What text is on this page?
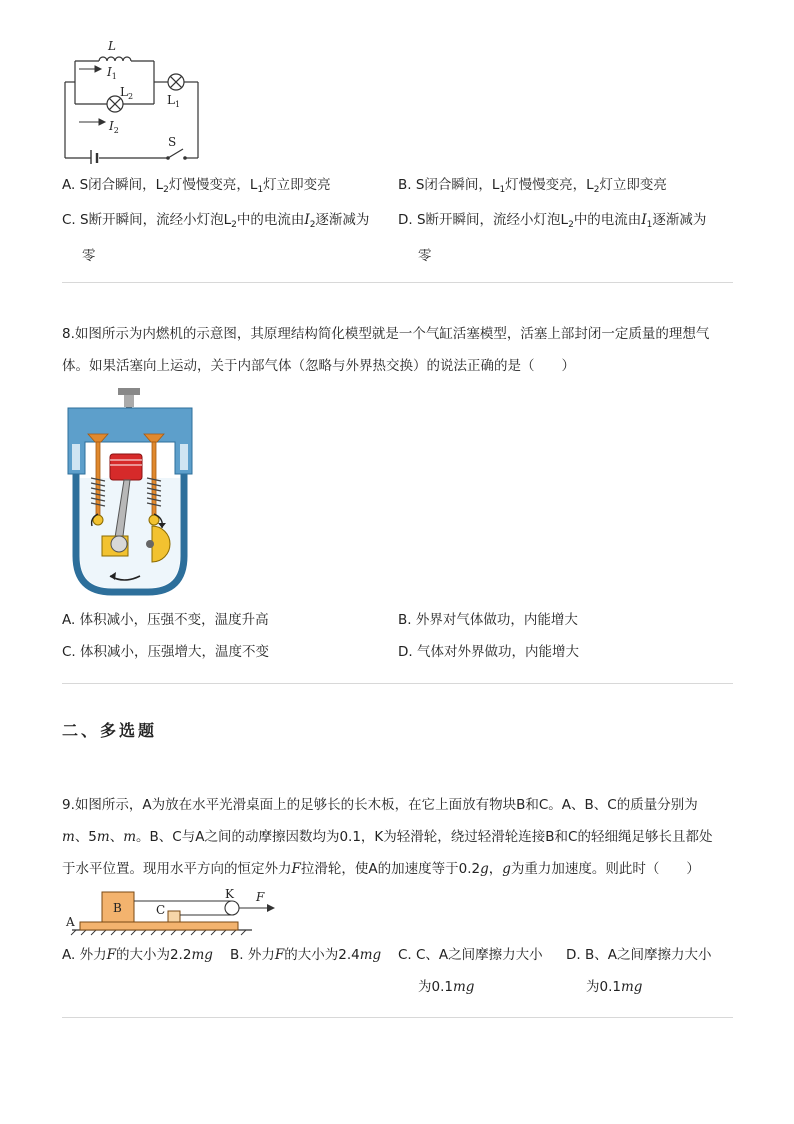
L
$I_1$
$L_2$	$L_1$
$I_2$
S
A. S闭合瞬间，$L_2$灯慢慢变亮，$L_1$灯立即变亮	B. S闭合瞬间，$L_1$灯慢慢变亮，$L_2$灯立即变亮
C. S断开瞬间，流经小灯泡$L_2$中的电流由$I_2$逐渐减为
零
D. S断开瞬间，流经小灯泡$L_2$中的电流由$I_1$逐渐减为
零
8.如图所示为内燃机的示意图，其原理结构简化模型就是一个气缸活塞模型，活塞上部封闭一定质量的理想气
体。如果活塞向上运动，关于内部气体（忽略与外界热交换）的说法正确的是（　　）
A. 体积减小，压强不变，温度升高	B. 外界对气体做功，内能增大
C. 体积减小，压强增大，温度不变	D. 气体对外界做功，内能增大
二、多选题
9.如图所示，A为放在水平光滑桌面上的足够长的长木板，在它上面放有物块B和C。A、B、C的质量分别为
m、5m、m。B、C与A之间的动摩擦因数均为0.1，K为轻滑轮，绕过轻滑轮连接B和C的轻细绳足够长且都处
于水平位置。现用水平方向的恒定外力F拉滑轮，使A的加速度等于0.2g，g为重力加速度。则此时（　　）
A
B	C
K F
A. 外力F的大小为2.2mg B. 外力F的大小为2.4mg C. C、A之间摩擦力大小
为0.1mg
D. B、A之间摩擦力大小
为0.1mg
